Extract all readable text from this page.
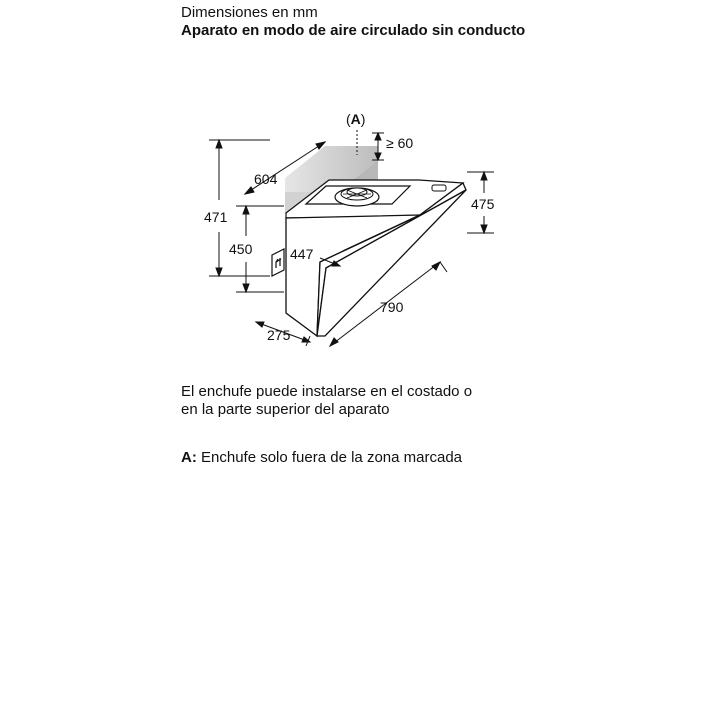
Dimensiones en mm

Aparato en modo de aire circulado sin conducto

(A)
≥ 60
604
471
450	447
475
790
275
El enchufe puede instalarse en el costado o
en la parte superior del aparato
A: Enchufe solo fuera de la zona marcada
